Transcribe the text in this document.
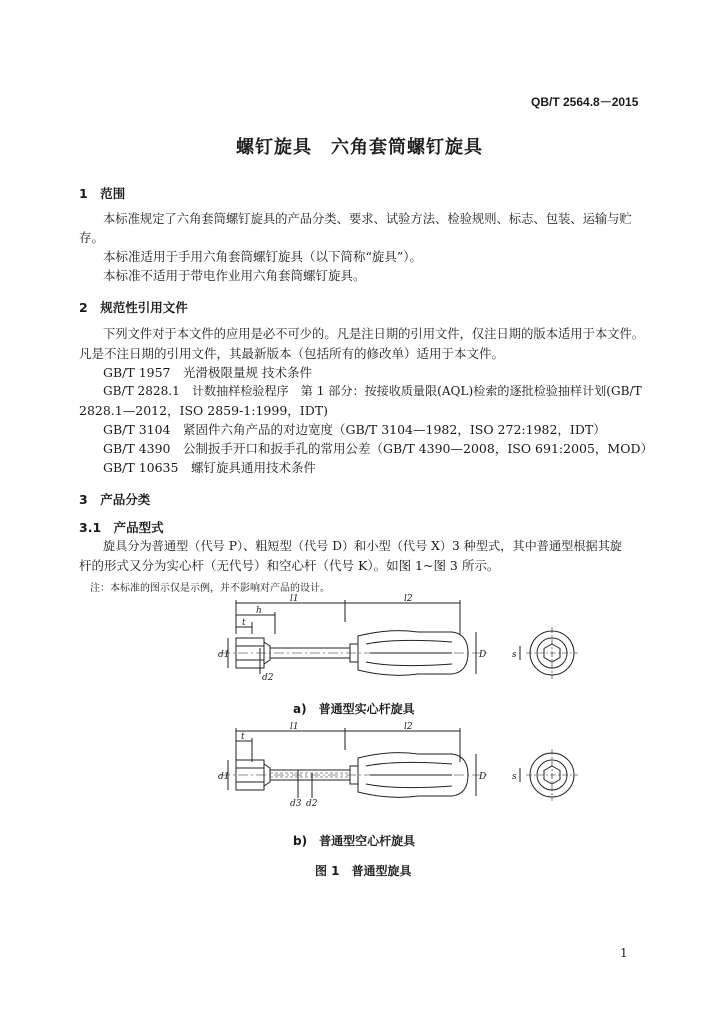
QB/T 2564.8－2015
螺钉旋具　六角套筒螺钉旋具
1　范围
本标准规定了六角套筒螺钉旋具的产品分类、要求、试验方法、检验规则、标志、包装、运输与贮
存。
本标准适用于手用六角套筒螺钉旋具（以下简称“旋具”）。
本标准不适用于带电作业用六角套筒螺钉旋具。
2　规范性引用文件
下列文件对于本文件的应用是必不可少的。凡是注日期的引用文件，仅注日期的版本适用于本文件。
凡是不注日期的引用文件，其最新版本（包括所有的修改单）适用于本文件。
GB/T 1957　光滑极限量规 技术条件
GB/T 2828.1　计数抽样检验程序　第 1 部分：按接收质量限(AQL)检索的逐批检验抽样计划(GB/T
2828.1—2012，ISO 2859-1:1999，IDT)
GB/T 3104　紧固件六角产品的对边宽度（GB/T 3104—1982，ISO 272:1982，IDT）
GB/T 4390　公制扳手开口和扳手孔的常用公差（GB/T 4390—2008，ISO 691:2005，MOD）
GB/T 10635　螺钉旋具通用技术条件
3　产品分类
3.1　产品型式
旋具分为普通型（代号 P）、粗短型（代号 D）和小型（代号 X）3 种型式，其中普通型根据其旋
杆的形式又分为实心杆（无代号）和空心杆（代号 K）。如图 1~图 3 所示。
注：本标准的图示仅是示例，并不影响对产品的设计。
l1	l2
h
t
d1
d2
D	s
a)　普通型实心杆旋具
l1	l2
t
d1
d3 d2
D	s
b)　普通型空心杆旋具
图 1　普通型旋具
1
